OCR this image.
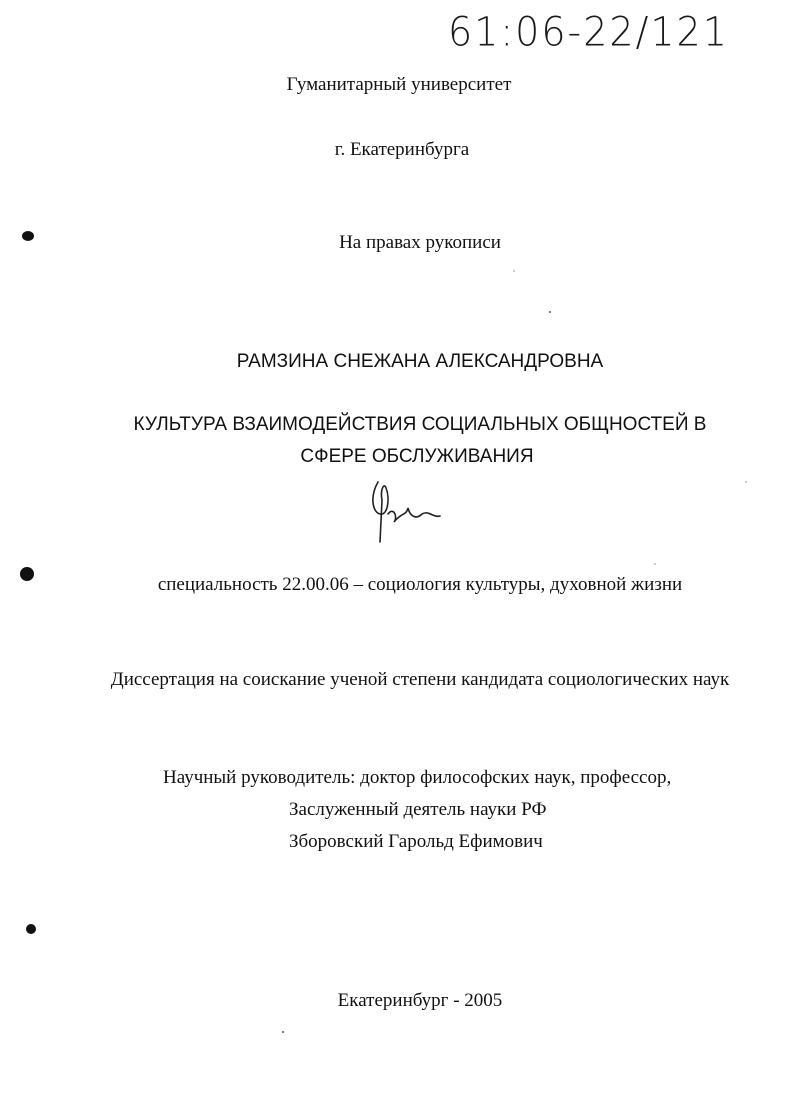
61:06-22/121
Гуманитарный университет
г. Екатеринбурга
На правах рукописи
РАМЗИНА СНЕЖАНА АЛЕКСАНДРОВНА
КУЛЬТУРА ВЗАИМОДЕЙСТВИЯ СОЦИАЛЬНЫХ ОБЩНОСТЕЙ В
СФЕРЕ ОБСЛУЖИВАНИЯ
специальность 22.00.06 – социология культуры, духовной жизни
Диссертация на соискание ученой степени кандидата социологических наук
Научный руководитель: доктор философских наук, профессор,
Заслуженный деятель науки РФ
Зборовский Гарольд Ефимович
Екатеринбург - 2005
